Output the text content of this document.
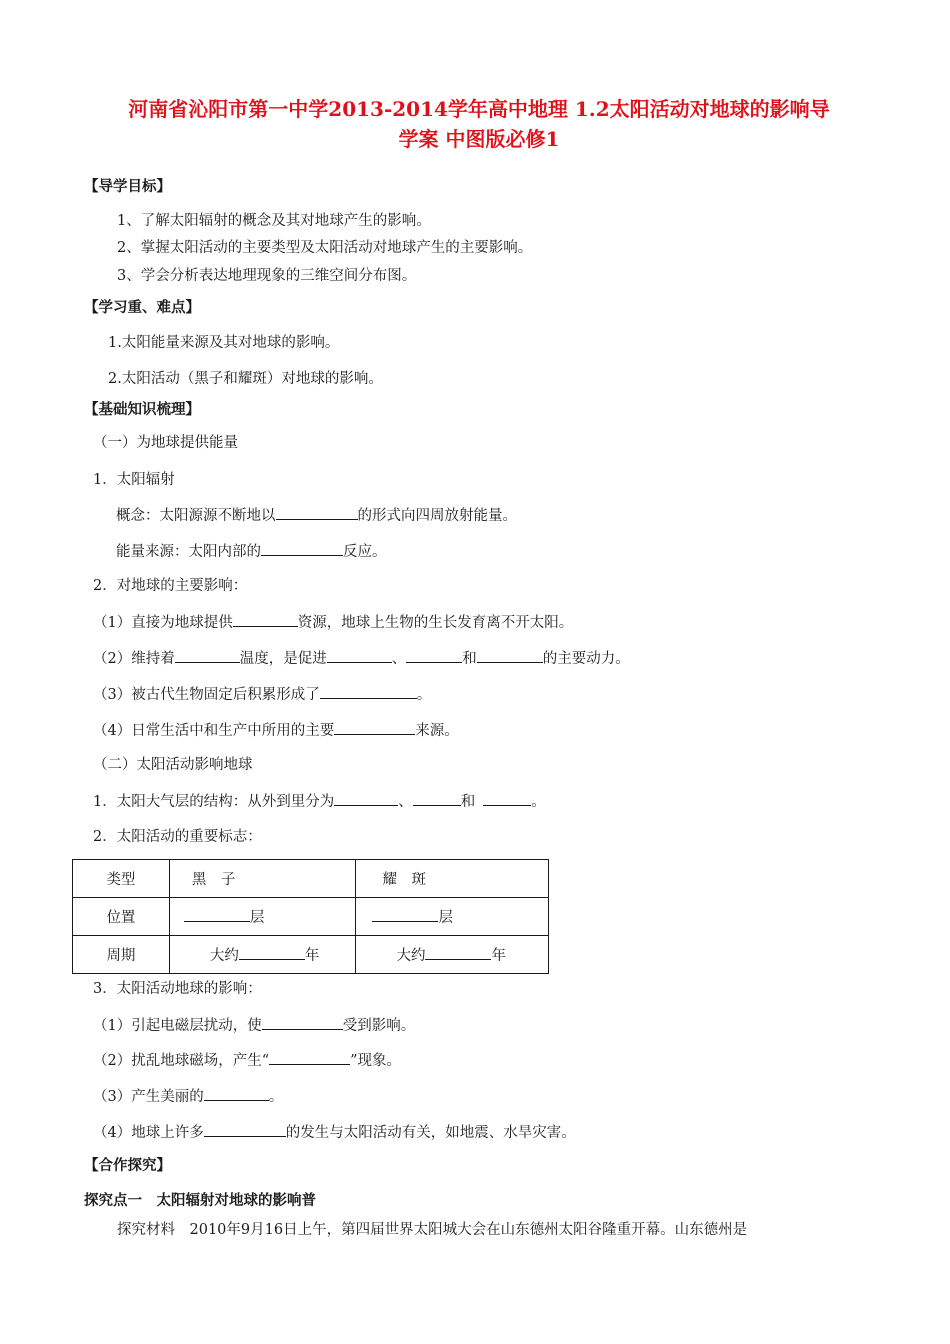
河南省沁阳市第一中学2013-2014学年高中地理 1.2太阳活动对地球的影响导
学案 中图版必修1
【导学目标】
1、了解太阳辐射的概念及其对地球产生的影响。
2、掌握太阳活动的主要类型及太阳活动对地球产生的主要影响。
3、学会分析表达地理现象的三维空间分布图。
【学习重、难点】
1.太阳能量来源及其对地球的影响。
2.太阳活动（黑子和耀斑）对地球的影响。
【基础知识梳理】
（一）为地球提供能量
1．太阳辐射
概念：太阳源源不断地以	的形式向四周放射能量。
能量来源：太阳内部的	反应。
2．对地球的主要影响：
（1）直接为地球提供	资源，地球上生物的生长发育离不开太阳。
（2）维持着	温度，是促进	、	和	的主要动力。
（3）被古代生物固定后积累形成了	。
（4）日常生活中和生产中所用的主要	来源。
（二）太阳活动影响地球
1．太阳大气层的结构：从外到里分为	、	和	。
2．太阳活动的重要标志：
类型	黑　子	耀　斑
位置	层	层
周期	大约 年	大约 年
3．太阳活动地球的影响：
（1）引起电磁层扰动，使	受到影响。
（2）扰乱地球磁场，产生“	”现象。
（3）产生美丽的	。
（4）地球上许多	的发生与太阳活动有关，如地震、水旱灾害。
【合作探究】
探究点一　太阳辐射对地球的影响普
探究材料　2010年9月16日上午，第四届世界太阳城大会在山东德州太阳谷隆重开幕。山东德州是
